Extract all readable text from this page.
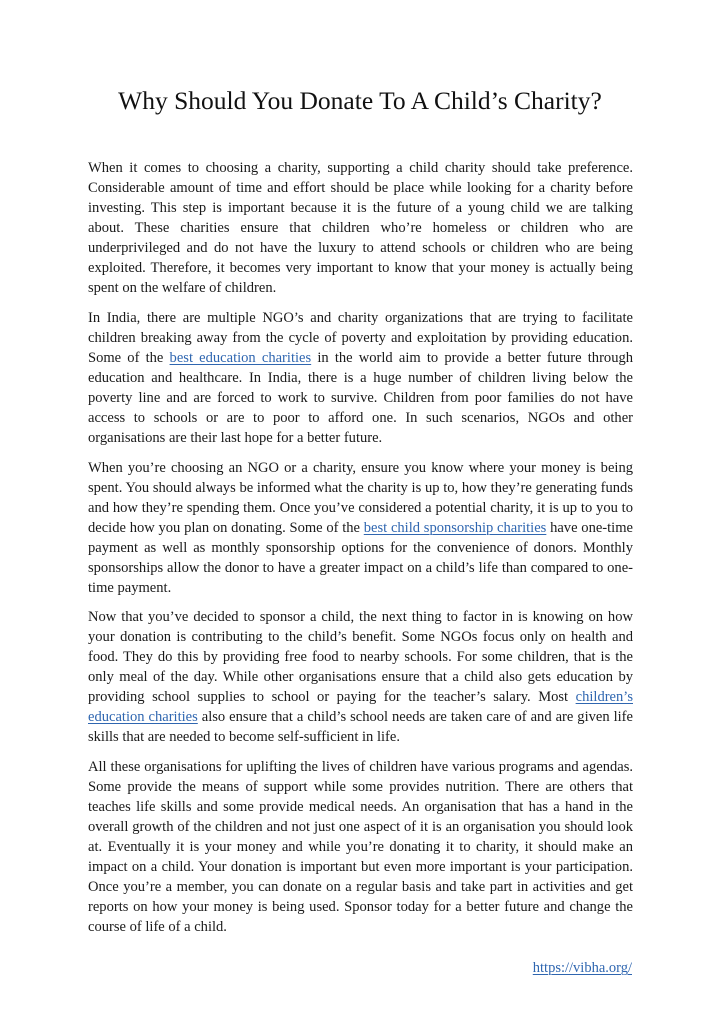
Why Should You Donate To A Child’s Charity?

When it comes to choosing a charity, supporting a child charity should take preference. Considerable amount of time and effort should be place while looking for a charity before investing. This step is important because it is the future of a young child we are talking about. These charities ensure that children who’re homeless or children who are underprivileged and do not have the luxury to attend schools or children who are being exploited. Therefore, it becomes very important to know that your money is actually being spent on the welfare of children.

In India, there are multiple NGO’s and charity organizations that are trying to facilitate children breaking away from the cycle of poverty and exploitation by providing education. Some of the best education charities in the world aim to provide a better future through education and healthcare. In India, there is a huge number of children living below the poverty line and are forced to work to survive. Children from poor families do not have access to schools or are to poor to afford one. In such scenarios, NGOs and other organisations are their last hope for a better future.

When you’re choosing an NGO or a charity, ensure you know where your money is being spent. You should always be informed what the charity is up to, how they’re generating funds and how they’re spending them. Once you’ve considered a potential charity, it is up to you to decide how you plan on donating. Some of the best child sponsorship charities have one-time payment as well as monthly sponsorship options for the convenience of donors. Monthly sponsorships allow the donor to have a greater impact on a child’s life than compared to one-time payment.

Now that you’ve decided to sponsor a child, the next thing to factor in is knowing on how your donation is contributing to the child’s benefit. Some NGOs focus only on health and food. They do this by providing free food to nearby schools. For some children, that is the only meal of the day. While other organisations ensure that a child also gets education by providing school supplies to school or paying for the teacher’s salary. Most children’s education charities also ensure that a child’s school needs are taken care of and are given life skills that are needed to become self-sufficient in life.

All these organisations for uplifting the lives of children have various programs and agendas. Some provide the means of support while some provides nutrition. There are others that teaches life skills and some provide medical needs. An organisation that has a hand in the overall growth of the children and not just one aspect of it is an organisation you should look at. Eventually it is your money and while you’re donating it to charity, it should make an impact on a child. Your donation is important but even more important is your participation. Once you’re a member, you can donate on a regular basis and take part in activities and get reports on how your money is being used. Sponsor today for a better future and change the course of life of a child.

https://vibha.org/
